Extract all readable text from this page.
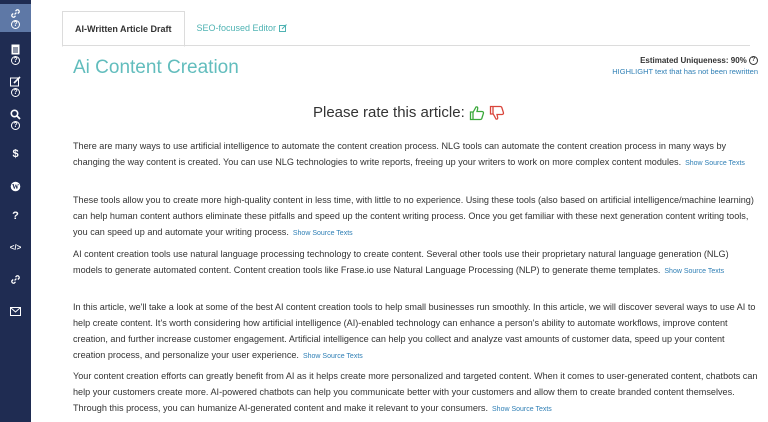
?
?
?
?
$
W
?
</>
AI-Written Article Draft	SEO-focused Editor
Ai Content Creation	Estimated Uniqueness: 90% ?
HIGHLIGHT text that has not been rewritten
Please rate this article:
There are many ways to use artificial intelligence to automate the content creation process. NLG tools can automate the content creation process in many ways by changing the way content is created. You can use NLG technologies to write reports, freeing up your writers to work on more complex content modules. Show Source Texts
These tools allow you to create more high-quality content in less time, with little to no experience. Using these tools (also based on artificial intelligence/machine learning) can help human content authors eliminate these pitfalls and speed up the content writing process. Once you get familiar with these next generation content writing tools, you can speed up and automate your writing process. Show Source Texts
AI content creation tools use natural language processing technology to create content. Several other tools use their proprietary natural language generation (NLG) models to generate automated content. Content creation tools like Frase.io use Natural Language Processing (NLP) to generate theme templates. Show Source Texts
In this article, we'll take a look at some of the best AI content creation tools to help small businesses run smoothly. In this article, we will discover several ways to use AI to help create content. It's worth considering how artificial intelligence (AI)-enabled technology can enhance a person's ability to automate workflows, improve content creation, and further increase customer engagement. Artificial intelligence can help you collect and analyze vast amounts of customer data, speed up your content creation process, and personalize your user experience. Show Source Texts
Your content creation efforts can greatly benefit from AI as it helps create more personalized and targeted content. When it comes to user-generated content, chatbots can help your customers create more. AI-powered chatbots can help you communicate better with your customers and allow them to create branded content themselves. Through this process, you can humanize AI-generated content and make it relevant to your consumers. Show Source Texts
